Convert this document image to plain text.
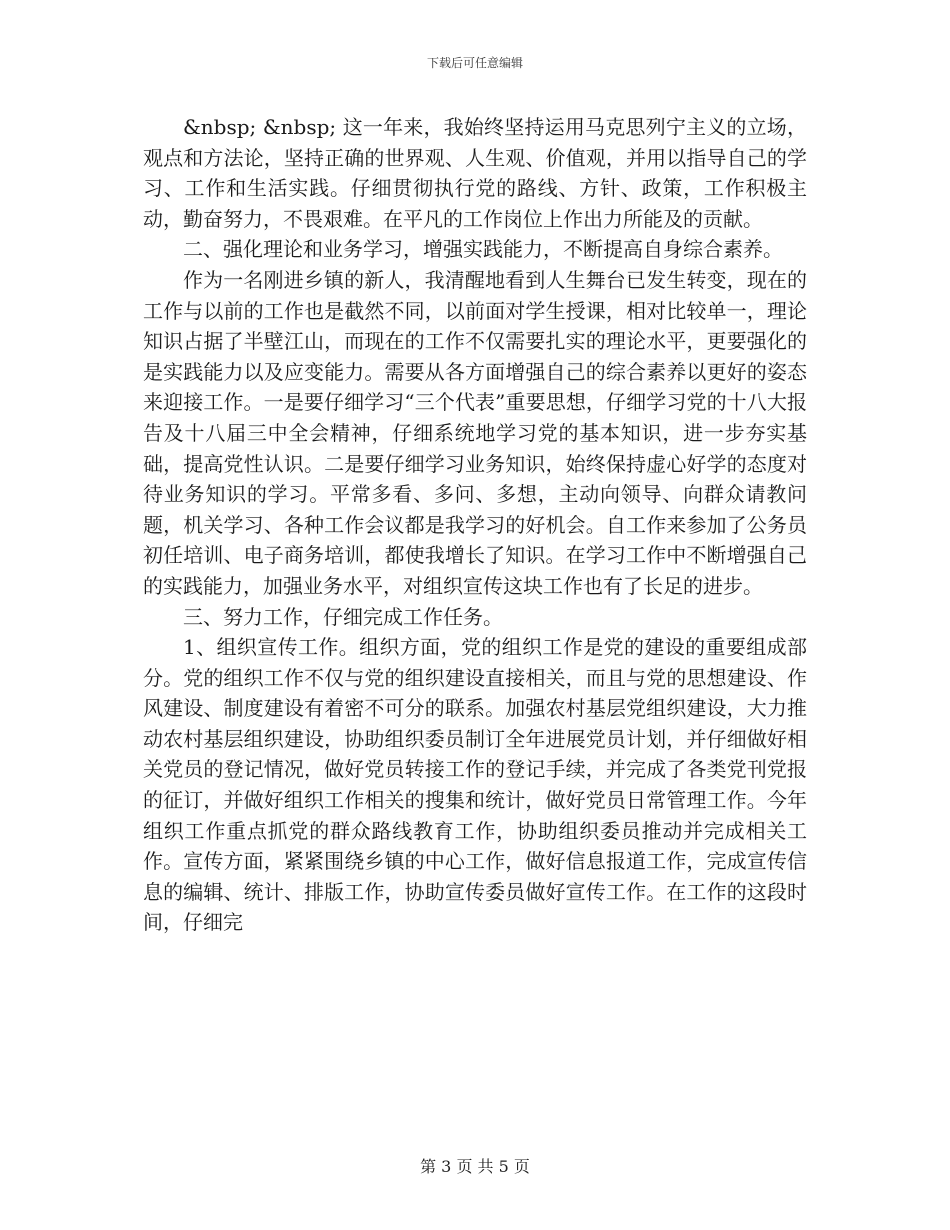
下载后可任意编辑

&nbsp; &nbsp; 这一年来，我始终坚持运用马克思列宁主义的立场，观点和方法论，坚持正确的世界观、人生观、价值观，并用以指导自己的学习、工作和生活实践。仔细贯彻执行党的路线、方针、政策，工作积极主动，勤奋努力，不畏艰难。在平凡的工作岗位上作出力所能及的贡献。

二、强化理论和业务学习，增强实践能力，不断提高自身综合素养。

作为一名刚进乡镇的新人，我清醒地看到人生舞台已发生转变，现在的工作与以前的工作也是截然不同，以前面对学生授课，相对比较单一，理论知识占据了半壁江山，而现在的工作不仅需要扎实的理论水平，更要强化的是实践能力以及应变能力。需要从各方面增强自己的综合素养以更好的姿态来迎接工作。一是要仔细学习“三个代表”重要思想，仔细学习党的十八大报告及十八届三中全会精神，仔细系统地学习党的基本知识，进一步夯实基础，提高党性认识。二是要仔细学习业务知识，始终保持虚心好学的态度对待业务知识的学习。平常多看、多问、多想，主动向领导、向群众请教问题，机关学习、各种工作会议都是我学习的好机会。自工作来参加了公务员初任培训、电子商务培训，都使我增长了知识。在学习工作中不断增强自己的实践能力，加强业务水平，对组织宣传这块工作也有了长足的进步。

三、努力工作，仔细完成工作任务。

1、组织宣传工作。组织方面，党的组织工作是党的建设的重要组成部分。党的组织工作不仅与党的组织建设直接相关，而且与党的思想建设、作风建设、制度建设有着密不可分的联系。加强农村基层党组织建设，大力推动农村基层组织建设，协助组织委员制订全年进展党员计划，并仔细做好相关党员的登记情况，做好党员转接工作的登记手续，并完成了各类党刊党报的征订，并做好组织工作相关的搜集和统计，做好党员日常管理工作。今年组织工作重点抓党的群众路线教育工作，协助组织委员推动并完成相关工作。宣传方面，紧紧围绕乡镇的中心工作，做好信息报道工作，完成宣传信息的编辑、统计、排版工作，协助宣传委员做好宣传工作。在工作的这段时间，仔细完

第 3 页 共 5 页
